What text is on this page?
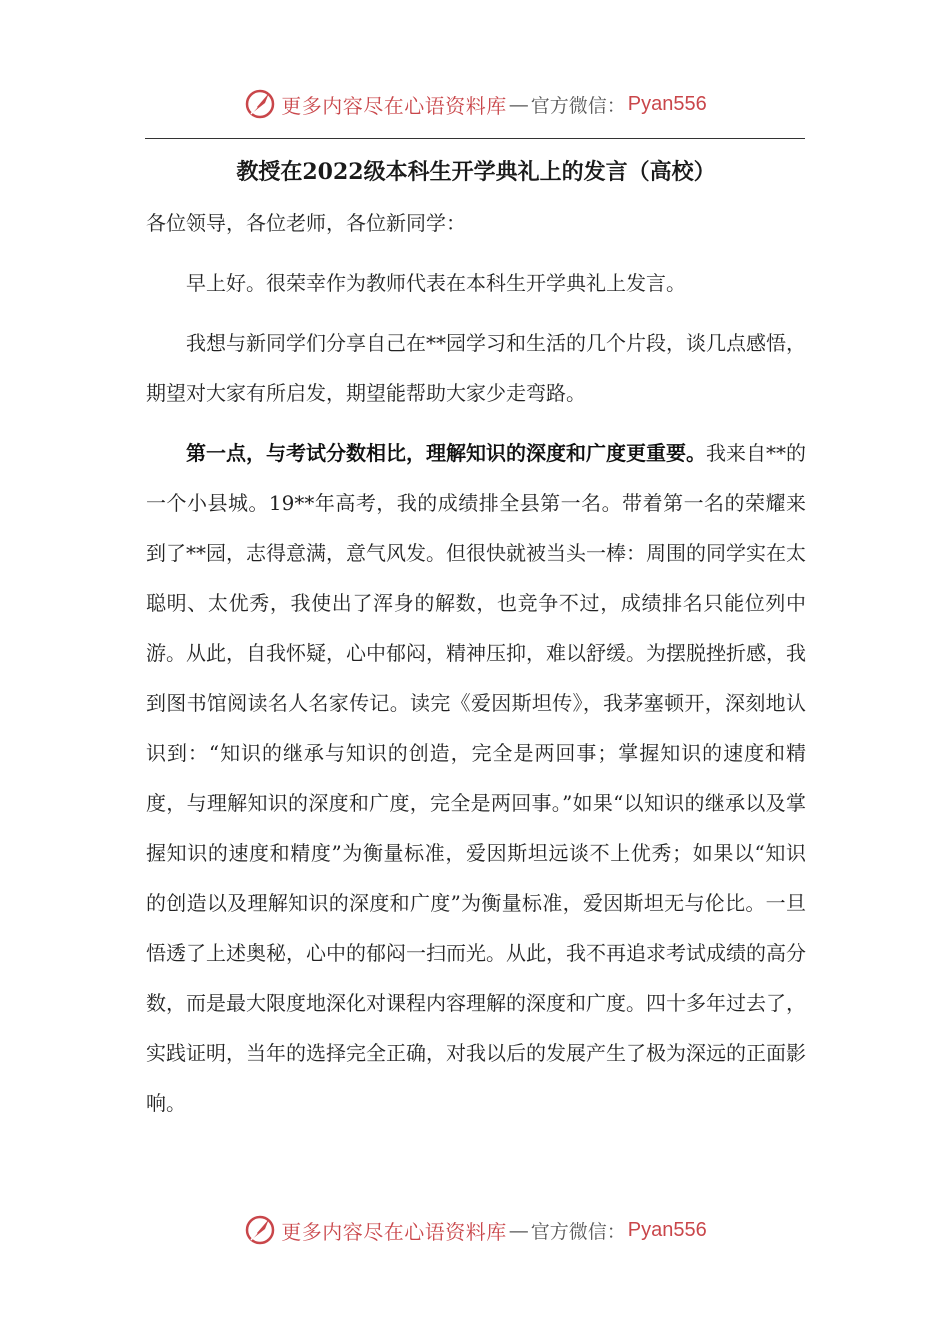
更多内容尽在心语资料库 — 官方微信： Pyan556
教授在2022级本科生开学典礼上的发言（高校）

各位领导，各位老师，各位新同学：

早上好。很荣幸作为教师代表在本科生开学典礼上发言。

我想与新同学们分享自己在**园学习和生活的几个片段，谈几点感悟，期望对大家有所启发，期望能帮助大家少走弯路。

第一点，与考试分数相比，理解知识的深度和广度更重要。我来自**的一个小县城。19**年高考，我的成绩排全县第一名。带着第一名的荣耀来到了**园，志得意满，意气风发。但很快就被当头一棒：周围的同学实在太聪明、太优秀，我使出了浑身的解数，也竞争不过，成绩排名只能位列中游。从此，自我怀疑，心中郁闷，精神压抑，难以舒缓。为摆脱挫折感，我到图书馆阅读名人名家传记。读完《爱因斯坦传》，我茅塞顿开，深刻地认识到：“知识的继承与知识的创造，完全是两回事；掌握知识的速度和精度，与理解知识的深度和广度，完全是两回事。”如果“以知识的继承以及掌握知识的速度和精度”为衡量标准，爱因斯坦远谈不上优秀；如果以“知识的创造以及理解知识的深度和广度”为衡量标准，爱因斯坦无与伦比。一旦悟透了上述奥秘，心中的郁闷一扫而光。从此，我不再追求考试成绩的高分数，而是最大限度地深化对课程内容理解的深度和广度。四十多年过去了，实践证明，当年的选择完全正确，对我以后的发展产生了极为深远的正面影响。

更多内容尽在心语资料库 — 官方微信： Pyan556
